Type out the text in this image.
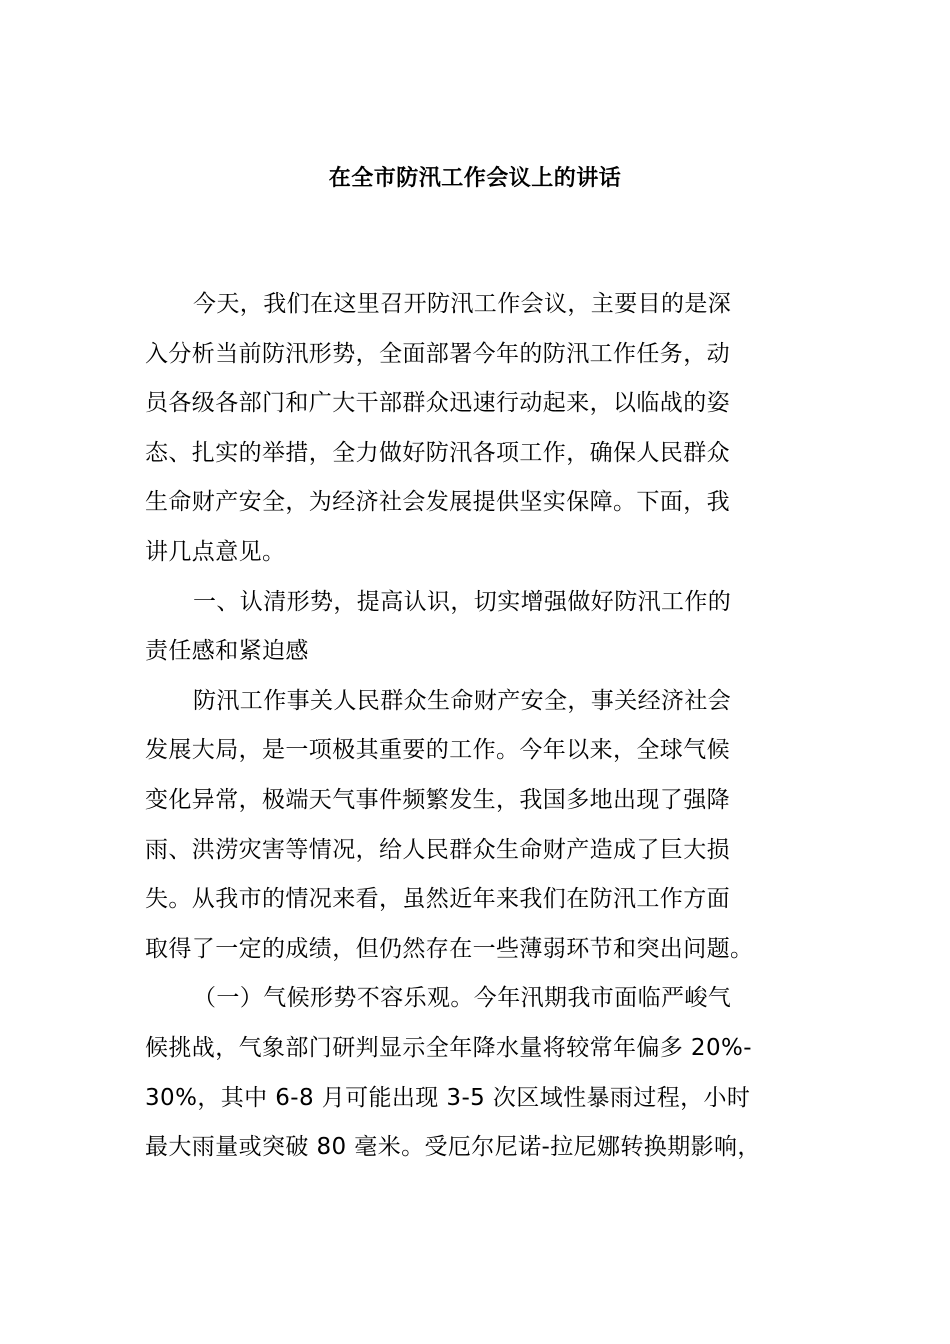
在全市防汛工作会议上的讲话
今天，我们在这里召开防汛工作会议，主要目的是深
入分析当前防汛形势，全面部署今年的防汛工作任务，动
员各级各部门和广大干部群众迅速行动起来，以临战的姿
态、扎实的举措，全力做好防汛各项工作，确保人民群众
生命财产安全，为经济社会发展提供坚实保障。下面，我
讲几点意见。
一、认清形势，提高认识，切实增强做好防汛工作的
责任感和紧迫感
防汛工作事关人民群众生命财产安全，事关经济社会
发展大局，是一项极其重要的工作。今年以来，全球气候
变化异常，极端天气事件频繁发生，我国多地出现了强降
雨、洪涝灾害等情况，给人民群众生命财产造成了巨大损
失。从我市的情况来看，虽然近年来我们在防汛工作方面
取得了一定的成绩，但仍然存在一些薄弱环节和突出问题。
（一）气候形势不容乐观。今年汛期我市面临严峻气
候挑战，气象部门研判显示全年降水量将较常年偏多 20%-
30%，其中 6-8 月可能出现 3-5 次区域性暴雨过程，小时
最大雨量或突破 80 毫米。受厄尔尼诺-拉尼娜转换期影响，
